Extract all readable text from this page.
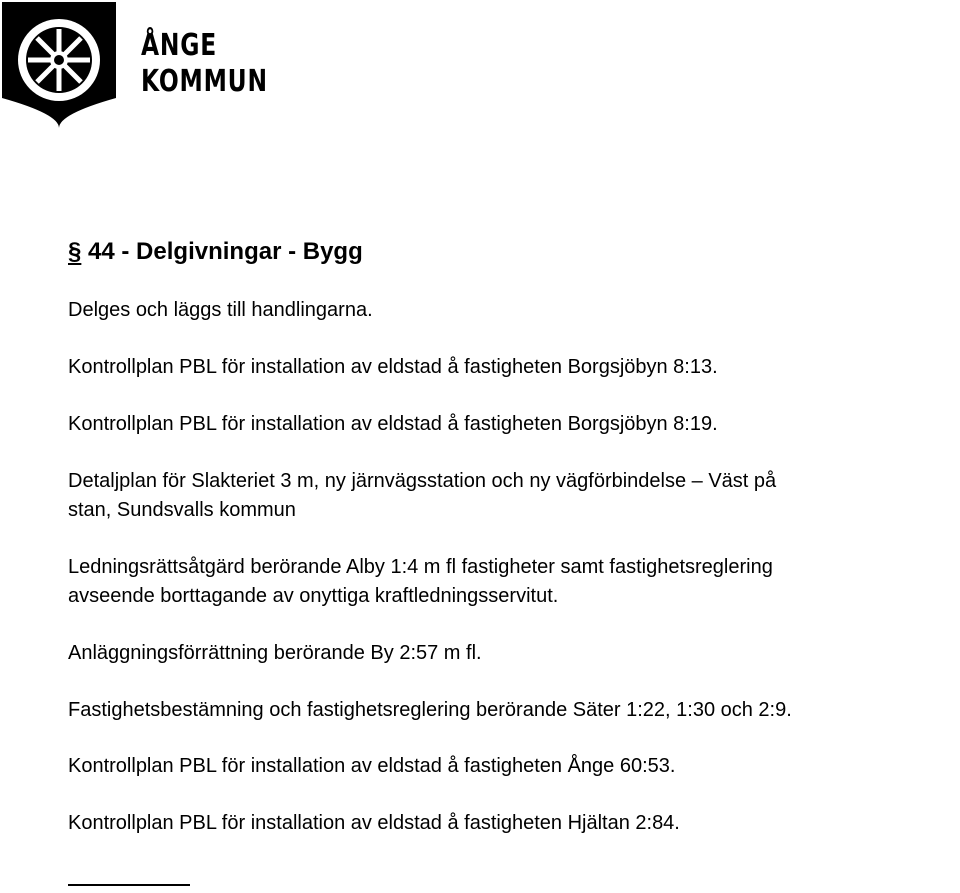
ÅNGE
KOMMUN
§ 44 - Delgivningar - Bygg
Delges och läggs till handlingarna.
Kontrollplan PBL för installation av eldstad å fastigheten Borgsjöbyn 8:13.
Kontrollplan PBL för installation av eldstad å fastigheten Borgsjöbyn 8:19.
Detaljplan för Slakteriet 3 m, ny järnvägsstation och ny vägförbindelse – Väst på
stan, Sundsvalls kommun
Ledningsrättsåtgärd berörande Alby 1:4 m fl fastigheter samt fastighetsreglering
avseende borttagande av onyttiga kraftledningsservitut.
Anläggningsförrättning berörande By 2:57 m fl.
Fastighetsbestämning och fastighetsreglering berörande Säter 1:22, 1:30 och 2:9.
Kontrollplan PBL för installation av eldstad å fastigheten Ånge 60:53.
Kontrollplan PBL för installation av eldstad å fastigheten Hjältan 2:84.
